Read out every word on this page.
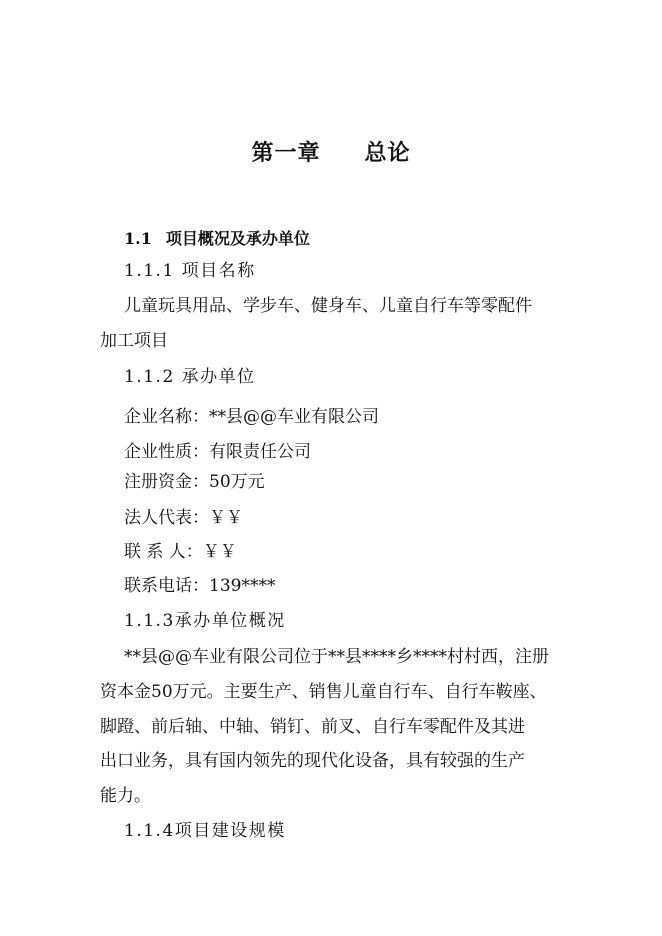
第一章 总论
1.1 项目概况及承办单位
1.1.1 项目名称
儿童玩具用品、学步车、健身车、儿童自行车等零配件
加工项目
1.1.2 承办单位
企业名称：**县@@车业有限公司
企业性质：有限责任公司
注册资金：50万元
法人代表：￥￥
联 系 人：￥￥
联系电话：139****
1.1.3承办单位概况
**县@@车业有限公司位于**县****乡****村村西，注册
资本金50万元。主要生产、销售儿童自行车、自行车鞍座、
脚蹬、前后轴、中轴、销钉、前叉、自行车零配件及其进
出口业务，具有国内领先的现代化设备，具有较强的生产
能力。
1.1.4项目建设规模
